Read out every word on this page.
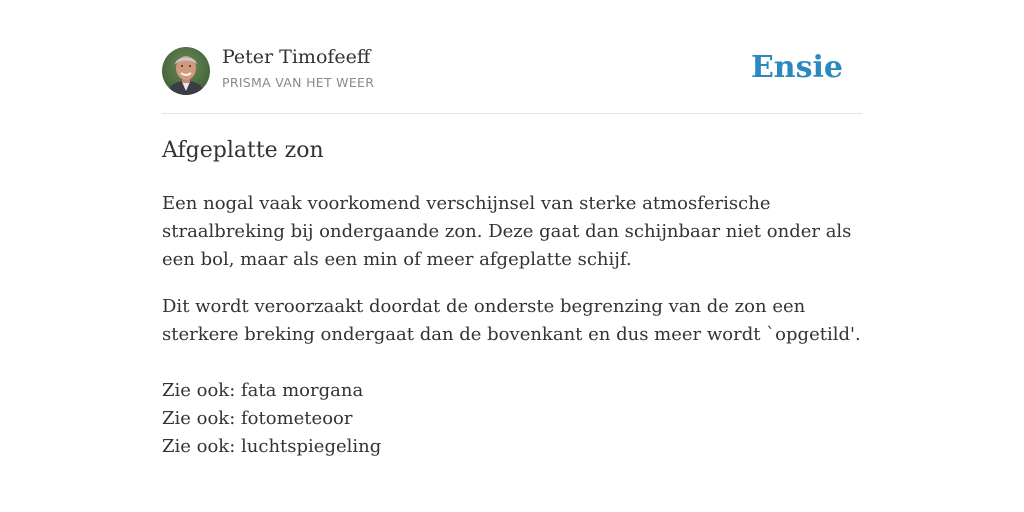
Peter Timofeeff
PRISMA VAN HET WEER	Ensie
Afgeplatte zon

Een nogal vaak voorkomend verschijnsel van sterke atmosferische straalbreking bij ondergaande zon. Deze gaat dan schijnbaar niet onder als een bol, maar als een min of meer afgeplatte schijf.

Dit wordt veroorzaakt doordat de onderste begrenzing van de zon een sterkere breking ondergaat dan de bovenkant en dus meer wordt `opgetild'.

Zie ook: fata morgana
Zie ook: fotometeoor
Zie ook: luchtspiegeling
